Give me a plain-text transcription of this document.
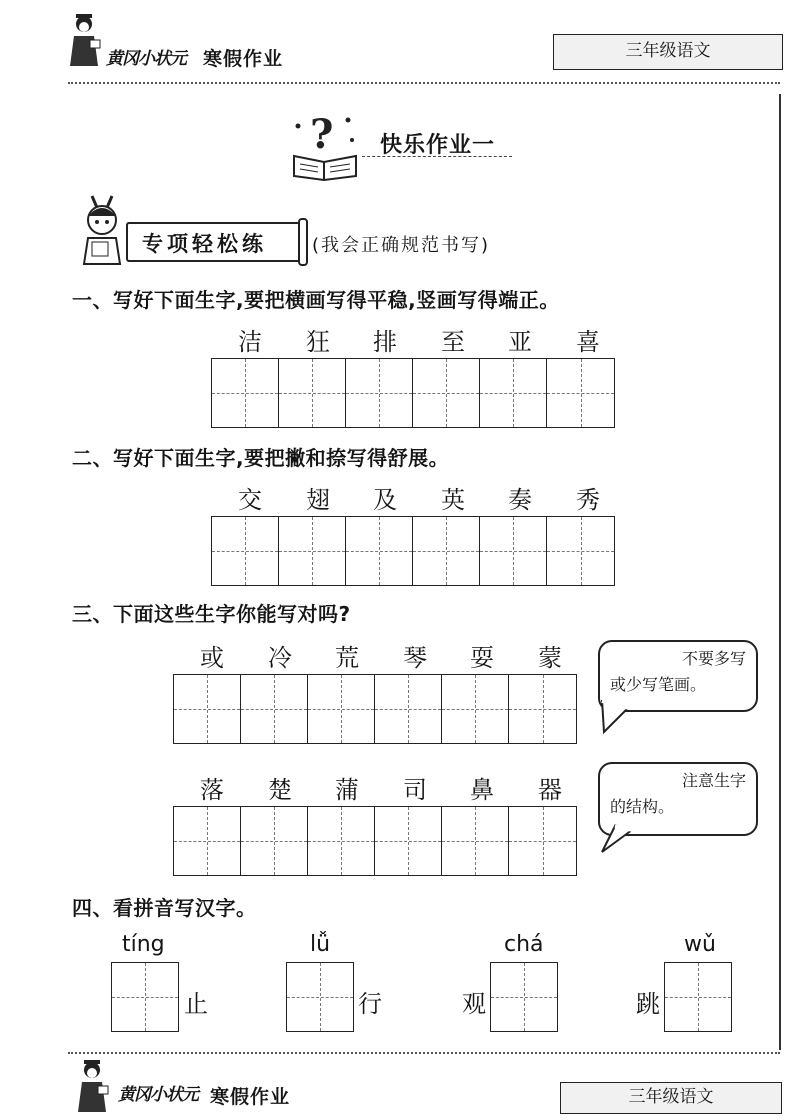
黄冈小状元 寒假作业	三年级语文
? 快乐作业一
专项轻松练	(我会正确规范书写)
一、写好下面生字,要把横画写得平稳,竖画写得端正。
洁	狂	排	至	亚	喜
二、写好下面生字,要把撇和捺写得舒展。
交	翅	及	英	奏	秀
三、下面这些生字你能写对吗?
或	冷	荒	琴	耍	蒙	不要多写
或少写笔画。
落	楚	蒲	司	鼻	器	注意生字
的结构。
四、看拼音写汉字。
tíng
止
lǚ
行
chá
观
wǔ
跳
黄冈小状元 寒假作业	三年级语文
